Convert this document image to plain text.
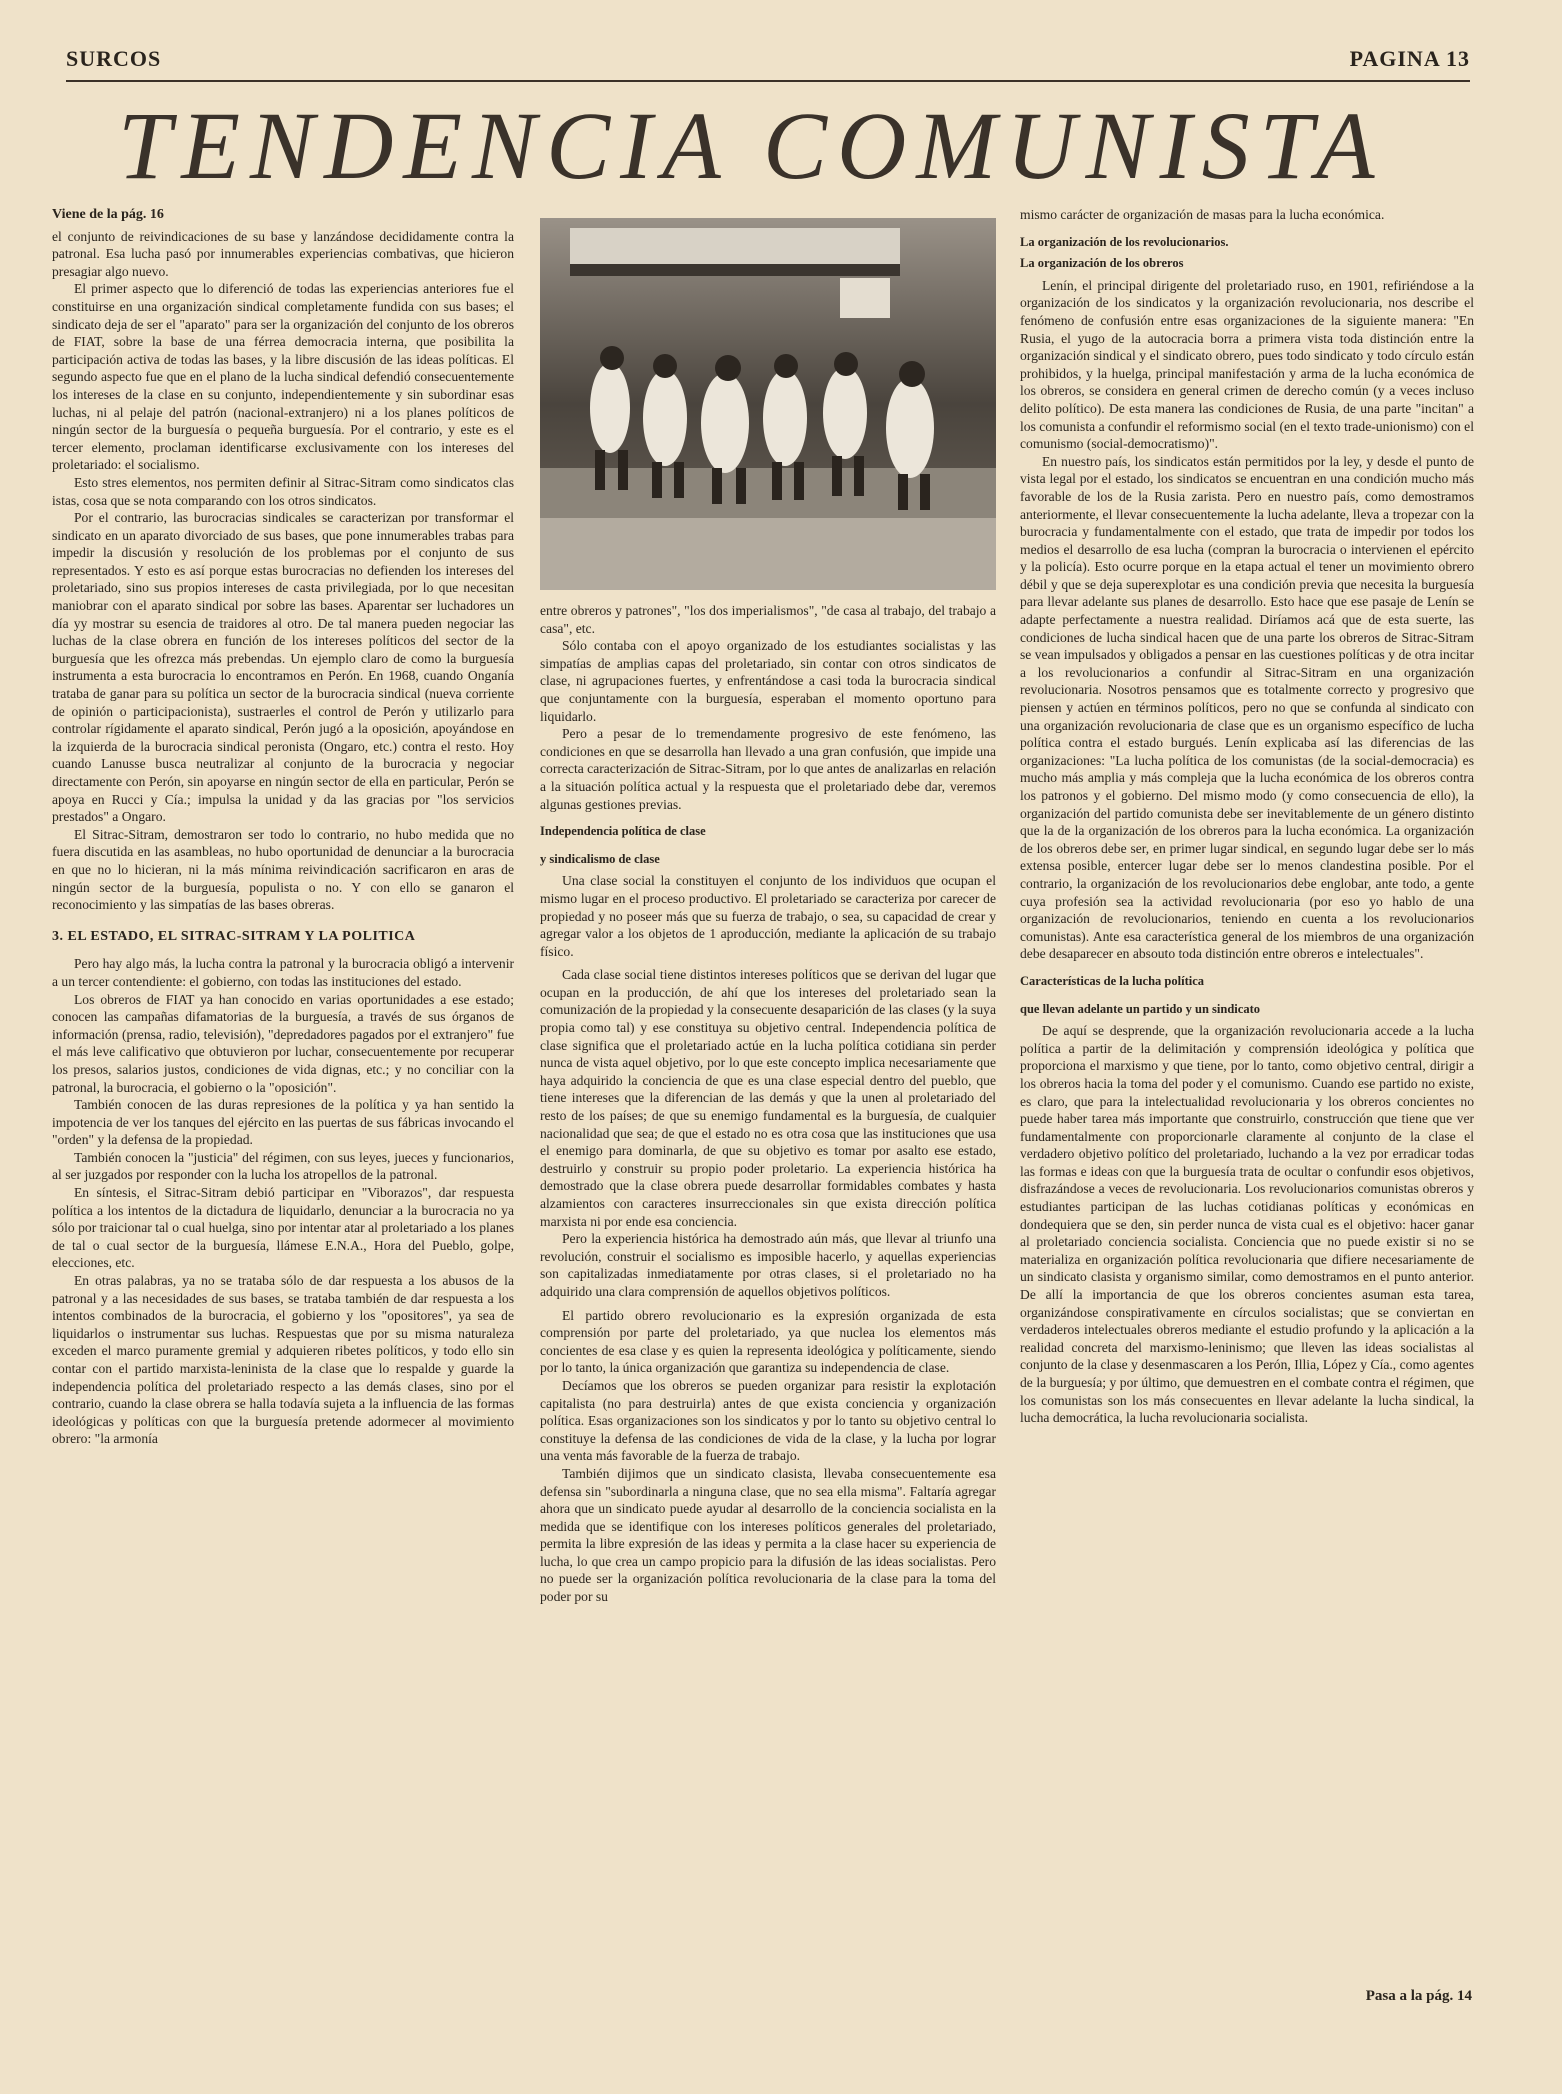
SURCOS	PAGINA 13
TENDENCIA COMUNISTA

Viene de la pág. 16

el conjunto de reivindicaciones de su base y lanzándose decididamente contra la patronal. Esa lucha pasó por innumerables experiencias combativas, que hicieron presagiar algo nuevo.

El primer aspecto que lo diferenció de todas las experiencias anteriores fue el constituirse en una organización sindical completamente fundida con sus bases; el sindicato deja de ser el "aparato" para ser la organización del conjunto de los obreros de FIAT, sobre la base de una férrea democracia interna, que posibilita la participación activa de todas las bases, y la libre discusión de las ideas políticas. El segundo aspecto fue que en el plano de la lucha sindical defendió consecuentemente los intereses de la clase en su conjunto, independientemente y sin subordinar esas luchas, ni al pelaje del patrón (nacional-extranjero) ni a los planes políticos de ningún sector de la burguesía o pequeña burguesía. Por el contrario, y este es el tercer elemento, proclaman identificarse exclusivamente con los intereses del proletariado: el socialismo.

Esto stres elementos, nos permiten definir al Sitrac-Sitram como sindicatos clas istas, cosa que se nota comparando con los otros sindicatos.

Por el contrario, las burocracias sindicales se caracterizan por transformar el sindicato en un aparato divorciado de sus bases, que pone innumerables trabas para impedir la discusión y resolución de los problemas por el conjunto de sus representados. Y esto es así porque estas burocracias no defienden los intereses del proletariado, sino sus propios intereses de casta privilegiada, por lo que necesitan maniobrar con el aparato sindical por sobre las bases. Aparentar ser luchadores un día yy mostrar su esencia de traidores al otro. De tal manera pueden negociar las luchas de la clase obrera en función de los intereses políticos del sector de la burguesía que les ofrezca más prebendas. Un ejemplo claro de como la burguesía instrumenta a esta burocracia lo encontramos en Perón. En 1968, cuando Onganía trataba de ganar para su política un sector de la burocracia sindical (nueva corriente de opinión o participacionista), sustraerles el control de Perón y utilizarlo para controlar rígidamente el aparato sindical, Perón jugó a la oposición, apoyándose en la izquierda de la burocracia sindical peronista (Ongaro, etc.) contra el resto. Hoy cuando Lanusse busca neutralizar al conjunto de la burocracia y negociar directamente con Perón, sin apoyarse en ningún sector de ella en particular, Perón se apoya en Rucci y Cía.; impulsa la unidad y da las gracias por "los servicios prestados" a Ongaro.

El Sitrac-Sitram, demostraron ser todo lo contrario, no hubo medida que no fuera discutida en las asambleas, no hubo oportunidad de denunciar a la burocracia en que no lo hicieran, ni la más mínima reivindicación sacrificaron en aras de ningún sector de la burguesía, populista o no. Y con ello se ganaron el reconocimiento y las simpatías de las bases obreras.

3. EL ESTADO, EL SITRAC-SITRAM Y LA POLITICA

Pero hay algo más, la lucha contra la patronal y la burocracia obligó a intervenir a un tercer contendiente: el gobierno, con todas las instituciones del estado.

Los obreros de FIAT ya han conocido en varias oportunidades a ese estado; conocen las campañas difamatorias de la burguesía, a través de sus órganos de información (prensa, radio, televisión), "depredadores pagados por el extranjero" fue el más leve calificativo que obtuvieron por luchar, consecuentemente por recuperar los presos, salarios justos, condiciones de vida dignas, etc.; y no conciliar con la patronal, la burocracia, el gobierno o la "oposición".

También conocen de las duras represiones de la política y ya han sentido la impotencia de ver los tanques del ejército en las puertas de sus fábricas invocando el "orden" y la defensa de la propiedad.

También conocen la "justicia" del régimen, con sus leyes, jueces y funcionarios, al ser juzgados por responder con la lucha los atropellos de la patronal.

En síntesis, el Sitrac-Sitram debió participar en "Viborazos", dar respuesta política a los intentos de la dictadura de liquidarlo, denunciar a la burocracia no ya sólo por traicionar tal o cual huelga, sino por intentar atar al proletariado a los planes de tal o cual sector de la burguesía, llámese E.N.A., Hora del Pueblo, golpe, elecciones, etc.

En otras palabras, ya no se trataba sólo de dar respuesta a los abusos de la patronal y a las necesidades de sus bases, se trataba también de dar respuesta a los intentos combinados de la burocracia, el gobierno y los "opositores", ya sea de liquidarlos o instrumentar sus luchas. Respuestas que por su misma naturaleza exceden el marco puramente gremial y adquieren ribetes políticos, y todo ello sin contar con el partido marxista-leninista de la clase que lo respalde y guarde la independencia política del proletariado respecto a las demás clases, sino por el contrario, cuando la clase obrera se halla todavía sujeta a la influencia de las formas ideológicas y políticas con que la burguesía pretende adormecer al movimiento obrero: "la armonía

entre obreros y patrones", "los dos imperialismos", "de casa al trabajo, del trabajo a casa", etc.

Sólo contaba con el apoyo organizado de los estudiantes socialistas y las simpatías de amplias capas del proletariado, sin contar con otros sindicatos de clase, ni agrupaciones fuertes, y enfrentándose a casi toda la burocracia sindical que conjuntamente con la burguesía, esperaban el momento oportuno para liquidarlo.

Pero a pesar de lo tremendamente progresivo de este fenómeno, las condiciones en que se desarrolla han llevado a una gran confusión, que impide una correcta caracterización de Sitrac-Sitram, por lo que antes de analizarlas en relación a la situación política actual y la respuesta que el proletariado debe dar, veremos algunas gestiones previas.

Independencia política de clase

y sindicalismo de clase

Una clase social la constituyen el conjunto de los individuos que ocupan el mismo lugar en el proceso productivo. El proletariado se caracteriza por carecer de propiedad y no poseer más que su fuerza de trabajo, o sea, su capacidad de crear y agregar valor a los objetos de 1 aproducción, mediante la aplicación de su trabajo físico.

Cada clase social tiene distintos intereses políticos que se derivan del lugar que ocupan en la producción, de ahí que los intereses del proletariado sean la comunización de la propiedad y la consecuente desaparición de las clases (y la suya propia como tal) y ese constituya su objetivo central. Independencia política de clase significa que el proletariado actúe en la lucha política cotidiana sin perder nunca de vista aquel objetivo, por lo que este concepto implica necesariamente que haya adquirido la conciencia de que es una clase especial dentro del pueblo, que tiene intereses que la diferencian de las demás y que la unen al proletariado del resto de los países; de que su enemigo fundamental es la burguesía, de cualquier nacionalidad que sea; de que el estado no es otra cosa que las instituciones que usa el enemigo para dominarla, de que su objetivo es tomar por asalto ese estado, destruirlo y construir su propio poder proletario. La experiencia histórica ha demostrado que la clase obrera puede desarrollar formidables combates y hasta alzamientos con caracteres insurreccionales sin que exista dirección política marxista ni por ende esa conciencia.

Pero la experiencia histórica ha demostrado aún más, que llevar al triunfo una revolución, construir el socialismo es imposible hacerlo, y aquellas experiencias son capitalizadas inmediatamente por otras clases, si el proletariado no ha adquirido una clara comprensión de aquellos objetivos políticos.

El partido obrero revolucionario es la expresión organizada de esta comprensión por parte del proletariado, ya que nuclea los elementos más concientes de esa clase y es quien la representa ideológica y políticamente, siendo por lo tanto, la única organización que garantiza su independencia de clase.

Decíamos que los obreros se pueden organizar para resistir la explotación capitalista (no para destruirla) antes de que exista conciencia y organización política. Esas organizaciones son los sindicatos y por lo tanto su objetivo central lo constituye la defensa de las condiciones de vida de la clase, y la lucha por lograr una venta más favorable de la fuerza de trabajo.

También dijimos que un sindicato clasista, llevaba consecuentemente esa defensa sin "subordinarla a ninguna clase, que no sea ella misma". Faltaría agregar ahora que un sindicato puede ayudar al desarrollo de la conciencia socialista en la medida que se identifique con los intereses políticos generales del proletariado, permita la libre expresión de las ideas y permita a la clase hacer su experiencia de lucha, lo que crea un campo propicio para la difusión de las ideas socialistas. Pero no puede ser la organización política revolucionaria de la clase para la toma del poder por su

mismo carácter de organización de masas para la lucha económica.

La organización de los revolucionarios.

La organización de los obreros

Lenín, el principal dirigente del proletariado ruso, en 1901, refiriéndose a la organización de los sindicatos y la organización revolucionaria, nos describe el fenómeno de confusión entre esas organizaciones de la siguiente manera: "En Rusia, el yugo de la autocracia borra a primera vista toda distinción entre la organización sindical y el sindicato obrero, pues todo sindicato y todo círculo están prohibidos, y la huelga, principal manifestación y arma de la lucha económica de los obreros, se considera en general crimen de derecho común (y a veces incluso delito político). De esta manera las condiciones de Rusia, de una parte "incitan" a los comunista a confundir el reformismo social (en el texto trade-unionismo) con el comunismo (social-democratismo)".

En nuestro país, los sindicatos están permitidos por la ley, y desde el punto de vista legal por el estado, los sindicatos se encuentran en una condición mucho más favorable de los de la Rusia zarista. Pero en nuestro país, como demostramos anteriormente, el llevar consecuentemente la lucha adelante, lleva a tropezar con la burocracia y fundamentalmente con el estado, que trata de impedir por todos los medios el desarrollo de esa lucha (compran la burocracia o intervienen el epército y la policía). Esto ocurre porque en la etapa actual el tener un movimiento obrero débil y que se deja superexplotar es una condición previa que necesita la burguesía para llevar adelante sus planes de desarrollo. Esto hace que ese pasaje de Lenín se adapte perfectamente a nuestra realidad. Diríamos acá que de esta suerte, las condiciones de lucha sindical hacen que de una parte los obreros de Sitrac-Sitram se vean impulsados y obligados a pensar en las cuestiones políticas y de otra incitar a los revolucionarios a confundir al Sitrac-Sitram en una organización revolucionaria. Nosotros pensamos que es totalmente correcto y progresivo que piensen y actúen en términos políticos, pero no que se confunda al sindicato con una organización revolucionaria de clase que es un organismo específico de lucha política contra el estado burgués. Lenín explicaba así las diferencias de las organizaciones: "La lucha política de los comunistas (de la social-democracia) es mucho más amplia y más compleja que la lucha económica de los obreros contra los patronos y el gobierno. Del mismo modo (y como consecuencia de ello), la organización del partido comunista debe ser inevitablemente de un género distinto que la de la organización de los obreros para la lucha económica. La organización de los obreros debe ser, en primer lugar sindical, en segundo lugar debe ser lo más extensa posible, entercer lugar debe ser lo menos clandestina posible. Por el contrario, la organización de los revolucionarios debe englobar, ante todo, a gente cuya profesión sea la actividad revolucionaria (por eso yo hablo de una organización de revolucionarios, teniendo en cuenta a los revolucionarios comunistas). Ante esa característica general de los miembros de una organización debe desaparecer en absouto toda distinción entre obreros e intelectuales".

Características de la lucha política

que llevan adelante un partido y un sindicato

De aquí se desprende, que la organización revolucionaria accede a la lucha política a partir de la delimitación y comprensión ideológica y política que proporciona el marxismo y que tiene, por lo tanto, como objetivo central, dirigir a los obreros hacia la toma del poder y el comunismo. Cuando ese partido no existe, es claro, que para la intelectualidad revolucionaria y los obreros concientes no puede haber tarea más importante que construirlo, construcción que tiene que ver fundamentalmente con proporcionarle claramente al conjunto de la clase el verdadero objetivo político del proletariado, luchando a la vez por erradicar todas las formas e ideas con que la burguesía trata de ocultar o confundir esos objetivos, disfrazándose a veces de revolucionaria. Los revolucionarios comunistas obreros y estudiantes participan de las luchas cotidianas políticas y económicas en dondequiera que se den, sin perder nunca de vista cual es el objetivo: hacer ganar al proletariado conciencia socialista. Conciencia que no puede existir si no se materializa en organización política revolucionaria que difiere necesariamente de un sindicato clasista y organismo similar, como demostramos en el punto anterior. De allí la importancia de que los obreros concientes asuman esta tarea, organizándose conspirativamente en círculos socialistas; que se conviertan en verdaderos intelectuales obreros mediante el estudio profundo y la aplicación a la realidad concreta del marxismo-leninismo; que lleven las ideas socialistas al conjunto de la clase y desenmascaren a los Perón, Illia, López y Cía., como agentes de la burguesía; y por último, que demuestren en el combate contra el régimen, que los comunistas son los más consecuentes en llevar adelante la lucha sindical, la lucha democrática, la lucha revolucionaria socialista.

Pasa a la pág. 14
